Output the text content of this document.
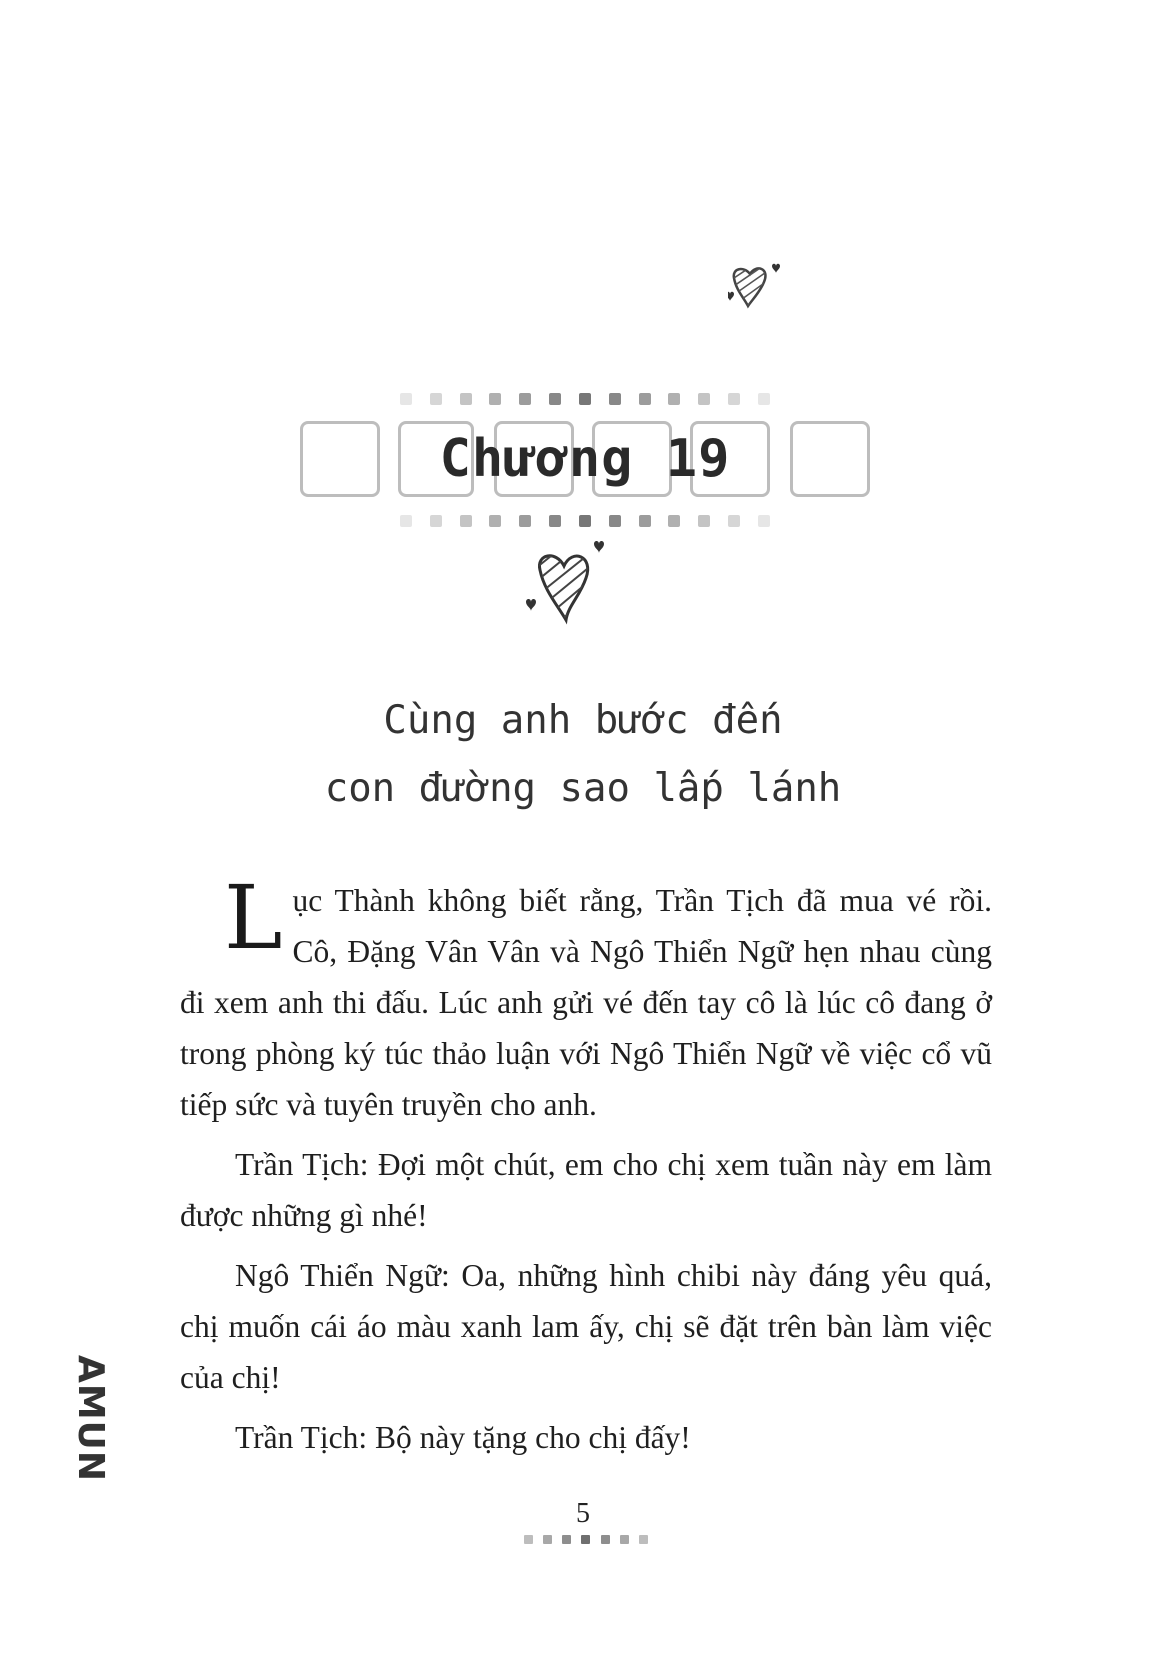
Chương 19
Cùng anh bước đến
con đường sao lấp lánh

Lục Thành không biết rằng, Trần Tịch đã mua vé rồi. Cô, Đặng Vân Vân và Ngô Thiển Ngữ hẹn nhau cùng đi xem anh thi đấu. Lúc anh gửi vé đến tay cô là lúc cô đang ở trong phòng ký túc thảo luận với Ngô Thiển Ngữ về việc cổ vũ tiếp sức và tuyên truyền cho anh.

Trần Tịch: Đợi một chút, em cho chị xem tuần này em làm được những gì nhé!

Ngô Thiển Ngữ: Oa, những hình chibi này đáng yêu quá, chị muốn cái áo màu xanh lam ấy, chị sẽ đặt trên bàn làm việc của chị!

Trần Tịch: Bộ này tặng cho chị đấy!

AMUN
5
